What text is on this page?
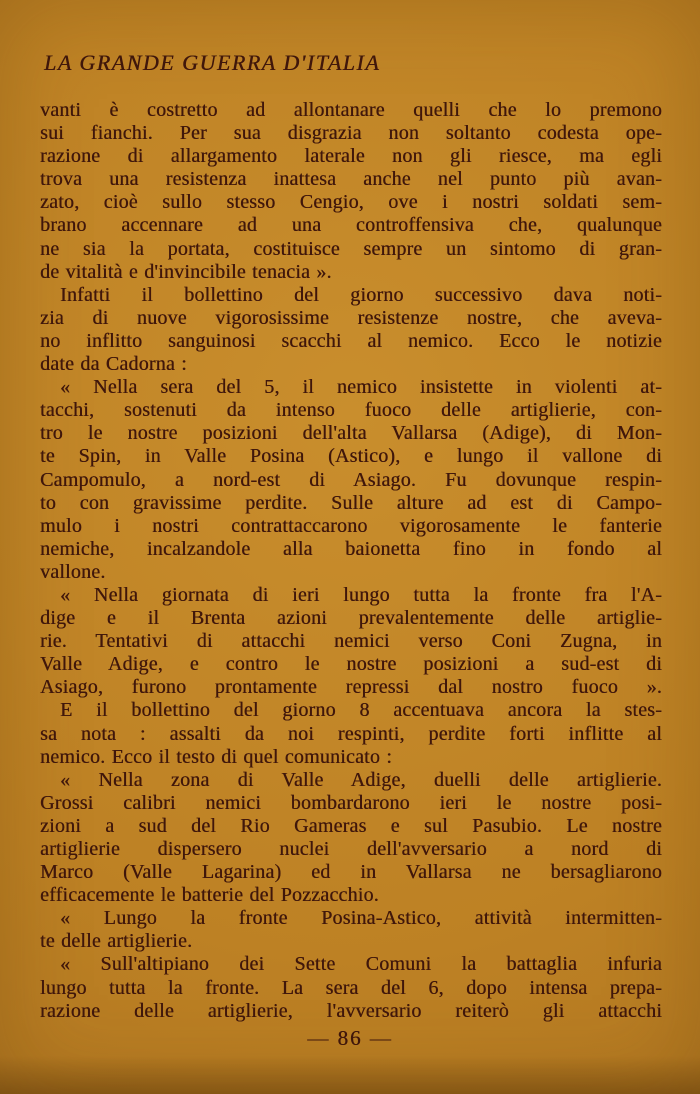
LA GRANDE GUERRA D'ITALIA
vanti è costretto ad allontanare quelli che lo premono
sui fianchi. Per sua disgrazia non soltanto codesta ope-
razione di allargamento laterale non gli riesce, ma egli
trova una resistenza inattesa anche nel punto più avan-
zato, cioè sullo stesso Cengio, ove i nostri soldati sem-
brano accennare ad una controffensiva che, qualunque
ne sia la portata, costituisce sempre un sintomo di gran-
de vitalità e d'invincibile tenacia ».
Infatti il bollettino del giorno successivo dava noti-
zia di nuove vigorosissime resistenze nostre, che aveva-
no inflitto sanguinosi scacchi al nemico. Ecco le notizie
date da Cadorna :
« Nella sera del 5, il nemico insistette in violenti at-
tacchi, sostenuti da intenso fuoco delle artiglierie, con-
tro le nostre posizioni dell'alta Vallarsa (Adige), di Mon-
te Spin, in Valle Posina (Astico), e lungo il vallone di
Campomulo, a nord-est di Asiago. Fu dovunque respin-
to con gravissime perdite. Sulle alture ad est di Campo-
mulo i nostri contrattaccarono vigorosamente le fanterie
nemiche, incalzandole alla baionetta fino in fondo al
vallone.
« Nella giornata di ieri lungo tutta la fronte fra l'A-
dige e il Brenta azioni prevalentemente delle artiglie-
rie. Tentativi di attacchi nemici verso Coni Zugna, in
Valle Adige, e contro le nostre posizioni a sud-est di
Asiago, furono prontamente repressi dal nostro fuoco ».
E il bollettino del giorno 8 accentuava ancora la stes-
sa nota : assalti da noi respinti, perdite forti inflitte al
nemico. Ecco il testo di quel comunicato :
« Nella zona di Valle Adige, duelli delle artiglierie.
Grossi calibri nemici bombardarono ieri le nostre posi-
zioni a sud del Rio Gameras e sul Pasubio. Le nostre
artiglierie dispersero nuclei dell'avversario a nord di
Marco (Valle Lagarina) ed in Vallarsa ne bersagliarono
efficacemente le batterie del Pozzacchio.
« Lungo la fronte Posina-Astico, attività intermitten-
te delle artiglierie.
« Sull'altipiano dei Sette Comuni la battaglia infuria
lungo tutta la fronte. La sera del 6, dopo intensa prepa-
razione delle artiglierie, l'avversario reiterò gli attacchi
— 86 —
